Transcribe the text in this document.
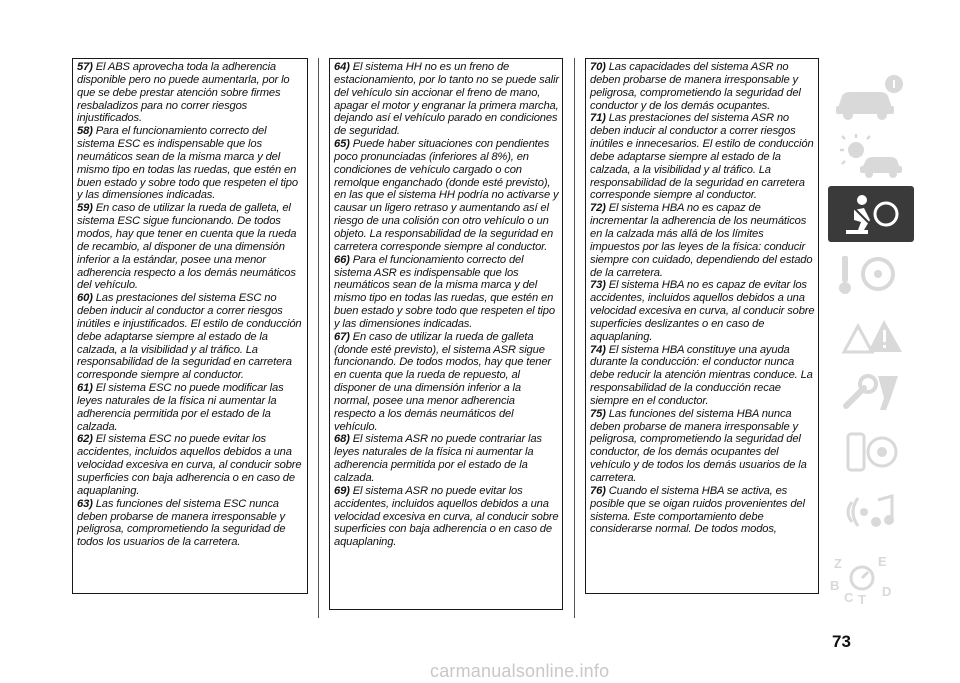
57) El ABS aprovecha toda la adherencia disponible pero no puede aumentarla, por lo que se debe prestar atención sobre firmes resbaladizos para no correr riesgos injustificados.

58) Para el funcionamiento correcto del sistema ESC es indispensable que los neumáticos sean de la misma marca y del mismo tipo en todas las ruedas, que estén en buen estado y sobre todo que respeten el tipo y las dimensiones indicadas.

59) En caso de utilizar la rueda de galleta, el sistema ESC sigue funcionando. De todos modos, hay que tener en cuenta que la rueda de recambio, al disponer de una dimensión inferior a la estándar, posee una menor adherencia respecto a los demás neumáticos del vehículo.

60) Las prestaciones del sistema ESC no deben inducir al conductor a correr riesgos inútiles e injustificados. El estilo de conducción debe adaptarse siempre al estado de la calzada, a la visibilidad y al tráfico. La responsabilidad de la seguridad en carretera corresponde siempre al conductor.

61) El sistema ESC no puede modificar las leyes naturales de la física ni aumentar la adherencia permitida por el estado de la calzada.

62) El sistema ESC no puede evitar los accidentes, incluidos aquellos debidos a una velocidad excesiva en curva, al conducir sobre superficies con baja adherencia o en caso de aquaplaning.

63) Las funciones del sistema ESC nunca deben probarse de manera irresponsable y peligrosa, comprometiendo la seguridad de todos los usuarios de la carretera.

64) El sistema HH no es un freno de estacionamiento, por lo tanto no se puede salir del vehículo sin accionar el freno de mano, apagar el motor y engranar la primera marcha, dejando así el vehículo parado en condiciones de seguridad.

65) Puede haber situaciones con pendientes poco pronunciadas (inferiores al 8%), en condiciones de vehículo cargado o con remolque enganchado (donde esté previsto), en las que el sistema HH podría no activarse y causar un ligero retraso y aumentando así el riesgo de una colisión con otro vehículo o un objeto. La responsabilidad de la seguridad en carretera corresponde siempre al conductor.

66) Para el funcionamiento correcto del sistema ASR es indispensable que los neumáticos sean de la misma marca y del mismo tipo en todas las ruedas, que estén en buen estado y sobre todo que respeten el tipo y las dimensiones indicadas.

67) En caso de utilizar la rueda de galleta (donde esté previsto), el sistema ASR sigue funcionando. De todos modos, hay que tener en cuenta que la rueda de repuesto, al disponer de una dimensión inferior a la normal, posee una menor adherencia respecto a los demás neumáticos del vehículo.

68) El sistema ASR no puede contrariar las leyes naturales de la física ni aumentar la adherencia permitida por el estado de la calzada.

69) El sistema ASR no puede evitar los accidentes, incluidos aquellos debidos a una velocidad excesiva en curva, al conducir sobre superficies con baja adherencia o en caso de aquaplaning.

70) Las capacidades del sistema ASR no deben probarse de manera irresponsable y peligrosa, comprometiendo la seguridad del conductor y de los demás ocupantes.

71) Las prestaciones del sistema ASR no deben inducir al conductor a correr riesgos inútiles e innecesarios. El estilo de conducción debe adaptarse siempre al estado de la calzada, a la visibilidad y al tráfico. La responsabilidad de la seguridad en carretera corresponde siempre al conductor.

72) El sistema HBA no es capaz de incrementar la adherencia de los neumáticos en la calzada más allá de los límites impuestos por las leyes de la física: conducir siempre con cuidado, dependiendo del estado de la carretera.

73) El sistema HBA no es capaz de evitar los accidentes, incluidos aquellos debidos a una velocidad excesiva en curva, al conducir sobre superficies deslizantes o en caso de aquaplaning.

74) El sistema HBA constituye una ayuda durante la conducción: el conductor nunca debe reducir la atención mientras conduce. La responsabilidad de la conducción recae siempre en el conductor.

75) Las funciones del sistema HBA nunca deben probarse de manera irresponsable y peligrosa, comprometiendo la seguridad del conductor, de los demás ocupantes del vehículo y de todos los demás usuarios de la carretera.

76) Cuando el sistema HBA se activa, es posible que se oigan ruidos provenientes del sistema. Este comportamiento debe considerarse normal. De todos modos,

Z	E
B
C T
D
73
carmanualsonline.info
